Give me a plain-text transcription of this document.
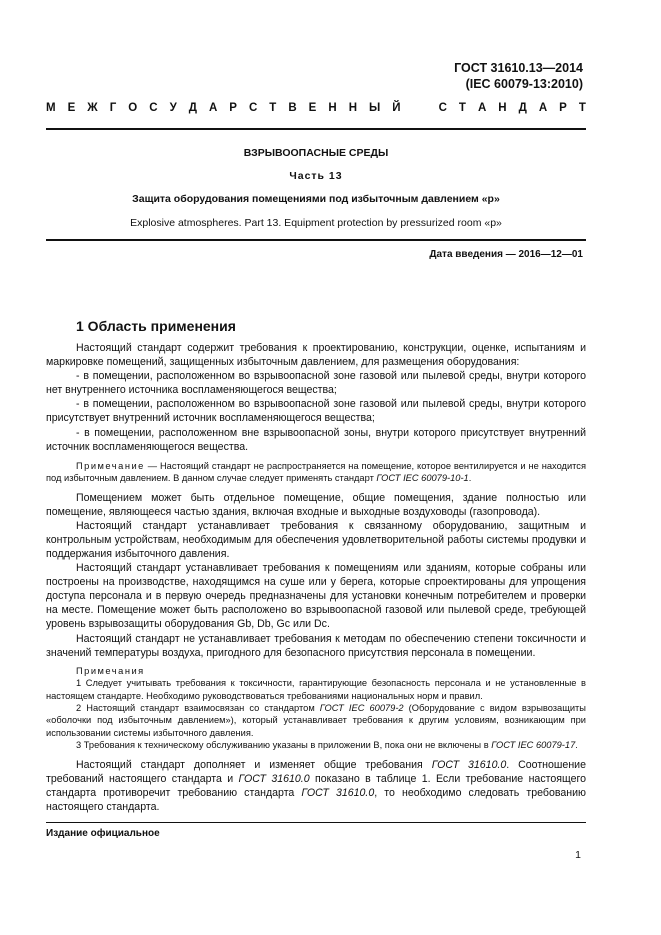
ГОСТ 31610.13—2014
(IEC 60079-13:2010)
М Е Ж Г О С У Д А Р С Т В Е Н Н Ы Й	С Т А Н Д А Р Т
ВЗРЫВООПАСНЫЕ СРЕДЫ
Часть 13
Защита оборудования помещениями под избыточным давлением «р»
Explosive atmospheres. Part 13. Equipment protection by pressurized room «p»
Дата введения — 2016—12—01
1 Область применения

Настоящий стандарт содержит требования к проектированию, конструкции, оценке, испытаниям и маркировке помещений, защищенных избыточным давлением, для размещения оборудования:

- в помещении, расположенном во взрывоопасной зоне газовой или пылевой среды, внутри которого нет внутреннего источника воспламеняющегося вещества;

- в помещении, расположенном во взрывоопасной зоне газовой или пылевой среды, внутри которого присутствует внутренний источник воспламеняющегося вещества;

- в помещении, расположенном вне взрывоопасной зоны, внутри которого присутствует внутренний источник воспламеняющегося вещества.

Примечание — Настоящий стандарт не распространяется на помещение, которое вентилируется и не находится под избыточным давлением. В данном случае следует применять стандарт ГОСТ IEC 60079-10-1.

Помещением может быть отдельное помещение, общие помещения, здание полностью или помещение, являющееся частью здания, включая входные и выходные воздуховоды (газопровода).

Настоящий стандарт устанавливает требования к связанному оборудованию, защитным и контрольным устройствам, необходимым для обеспечения удовлетворительной работы системы продувки и поддержания избыточного давления.

Настоящий стандарт устанавливает требования к помещениям или зданиям, которые собраны или построены на производстве, находящимся на суше или у берега, которые спроектированы для упрощения доступа персонала и в первую очередь предназначены для установки конечным потребителем и проверки на месте. Помещение может быть расположено во взрывоопасной газовой или пылевой среде, требующей уровень взрывозащиты оборудования Gb, Db, Gc или Dc.

Настоящий стандарт не устанавливает требования к методам по обеспечению степени токсичности и значений температуры воздуха, пригодного для безопасного присутствия персонала в помещении.

Примечания

1 Следует учитывать требования к токсичности, гарантирующие безопасность персонала и не установленные в настоящем стандарте. Необходимо руководствоваться требованиями национальных норм и правил.

2 Настоящий стандарт взаимосвязан со стандартом ГОСТ IEC 60079-2 (Оборудование с видом взрывозащиты «оболочки под избыточным давлением»), который устанавливает требования к другим условиям, возникающим при использовании системы избыточного давления.

3 Требования к техническому обслуживанию указаны в приложении В, пока они не включены в ГОСТ IEC 60079-17.

Настоящий стандарт дополняет и изменяет общие требования ГОСТ 31610.0. Соотношение требований настоящего стандарта и ГОСТ 31610.0 показано в таблице 1. Если требование настоящего стандарта противоречит требованию стандарта ГОСТ 31610.0, то необходимо следовать требованию настоящего стандарта.

Издание официальное
1
